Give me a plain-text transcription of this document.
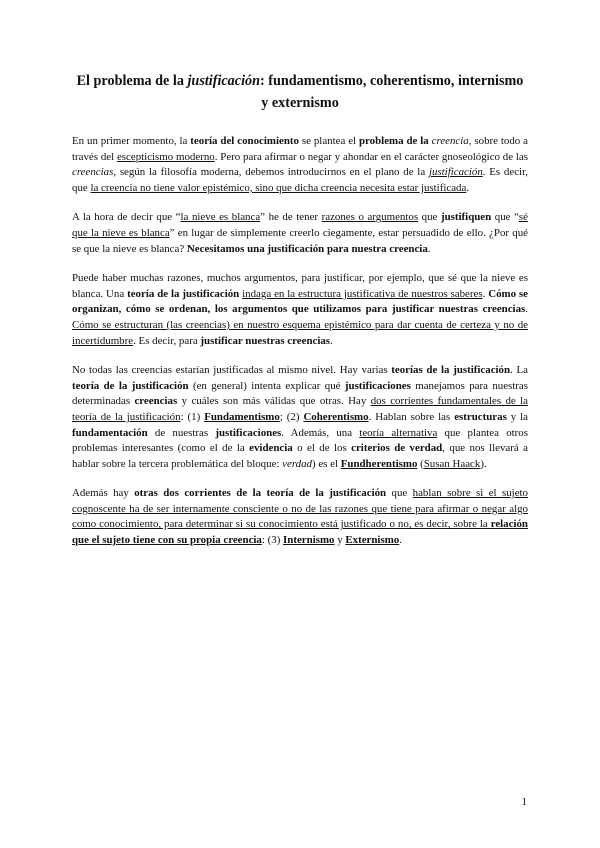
El problema de la justificación: fundamentismo, coherentismo, internismo y externismo

En un primer momento, la teoría del conocimiento se plantea el problema de la creencia, sobre todo a través del escepticismo moderno. Pero para afirmar o negar y ahondar en el carácter gnoseológico de las creencias, según la filosofía moderna, debemos introducirnos en el plano de la justificación. Es decir, que la creencia no tiene valor epistémico, sino que dicha creencia necesita estar justificada.

A la hora de decir que “la nieve es blanca” he de tener razones o argumentos que justifiquen que “sé que la nieve es blanca” en lugar de simplemente creerlo ciegamente, estar persuadido de ello. ¿Por qué se que la nieve es blanca? Necesitamos una justificación para nuestra creencia.

Puede haber muchas razones, muchos argumentos, para justificar, por ejemplo, que sé que la nieve es blanca. Una teoría de la justificación indaga en la estructura justificativa de nuestros saberes. Cómo se organizan, cómo se ordenan, los argumentos que utilizamos para justificar nuestras creencias. Cómo se estructuran (las creencias) en nuestro esquema epistémico para dar cuenta de certeza y no de incertidumbre. Es decir, para justificar nuestras creencias.

No todas las creencias estarían justificadas al mismo nivel. Hay varias teorías de la justificación. La teoría de la justificación (en general) intenta explicar qué justificaciones manejamos para nuestras determinadas creencias y cuáles son más válidas que otras. Hay dos corrientes fundamentales de la teoría de la justificación: (1) Fundamentismo; (2) Coherentismo. Hablan sobre las estructuras y la fundamentación de nuestras justificaciones. Además, una teoría alternativa que plantea otros problemas interesantes (como el de la evidencia o el de los criterios de verdad, que nos llevará a hablar sobre la tercera problemática del bloque: verdad) es el Fundherentismo (Susan Haack).

Además hay otras dos corrientes de la teoría de la justificación que hablan sobre si el sujeto cognoscente ha de ser internamente consciente o no de las razones que tiene para afirmar o negar algo como conocimiento, para determinar si su conocimiento está justificado o no, es decir, sobre la relación que el sujeto tiene con su propia creencia: (3) Internismo y Externismo.

1
